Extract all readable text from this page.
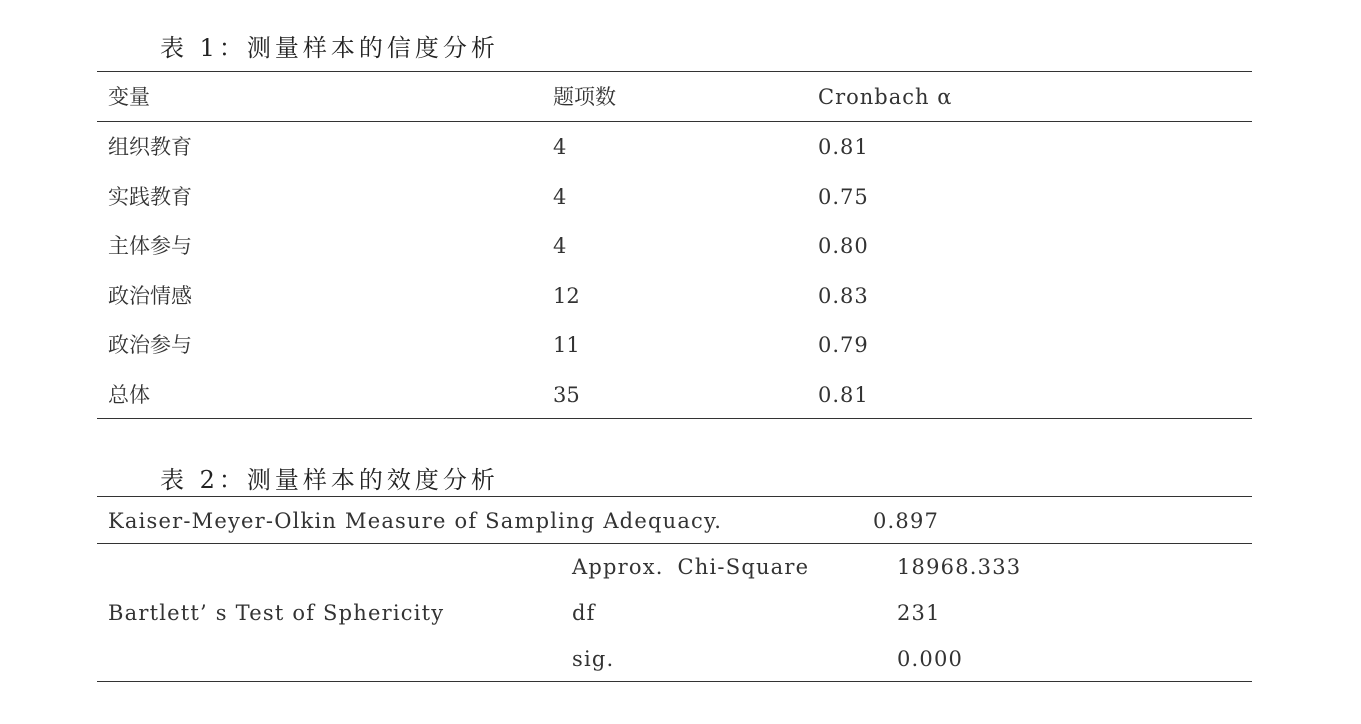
表 1：测量样本的信度分析
变量	题项数	Cronbach α
组织教育	4	0.81
实践教育	4	0.75
主体参与	4	0.80
政治情感	12	0.83
政治参与	11	0.79
总体	35	0.81
表 2：测量样本的效度分析
Kaiser-Meyer-Olkin Measure of Sampling Adequacy.	0.897
Bartlett’ s Test of Sphericity
Approx. Chi-Square	18968.333
df	231
sig.	0.000
